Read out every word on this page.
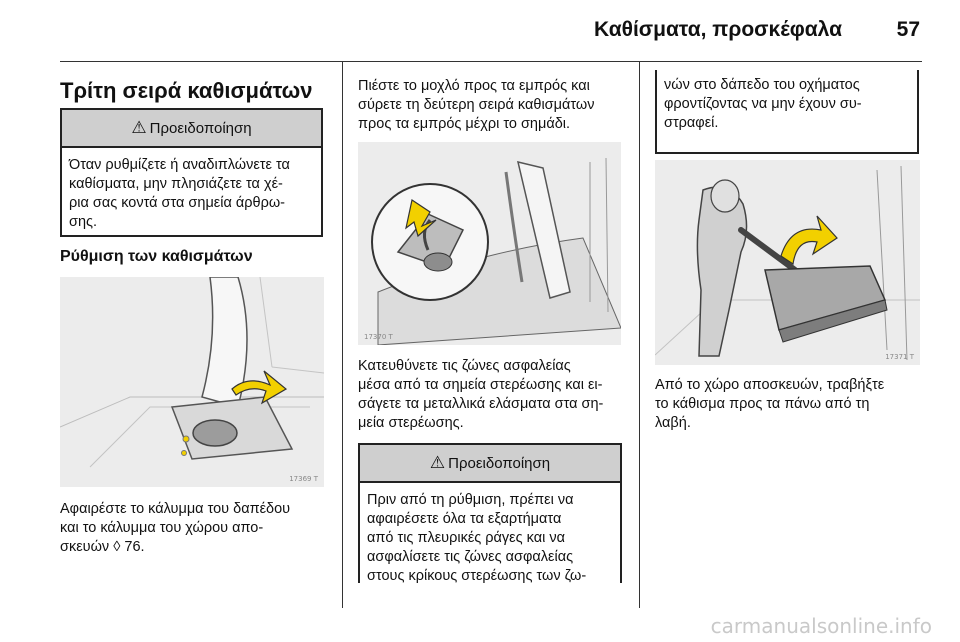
Καθίσματα, προσκέφαλα	57
Τρίτη σειρά καθισμάτων
⚠ Προειδοποίηση
Όταν ρυθμίζετε ή αναδιπλώνετε τα
καθίσματα, μην πλησιάζετε τα χέ-
ρια σας κοντά στα σημεία άρθρω-
σης.
Ρύθμιση των καθισμάτων
17369 T
Αφαιρέστε το κάλυμμα του δαπέδου
και το κάλυμμα του χώρου απο-
σκευών ◊ 76.
Πιέστε το μοχλό προς τα εμπρός και
σύρετε τη δεύτερη σειρά καθισμάτων
προς τα εμπρός μέχρι το σημάδι.
17370 T
Κατευθύνετε τις ζώνες ασφαλείας
μέσα από τα σημεία στερέωσης και ει-
σάγετε τα μεταλλικά ελάσματα στα ση-
μεία στερέωσης.
⚠ Προειδοποίηση
Πριν από τη ρύθμιση, πρέπει να
αφαιρέσετε όλα τα εξαρτήματα
από τις πλευρικές ράγες και να
ασφαλίσετε τις ζώνες ασφαλείας
στους κρίκους στερέωσης των ζω-
νών στο δάπεδο του οχήματος
φροντίζοντας να μην έχουν συ-
στραφεί.
17371 T
Από το χώρο αποσκευών, τραβήξτε
το κάθισμα προς τα πάνω από τη
λαβή.
carmanualsonline.info
